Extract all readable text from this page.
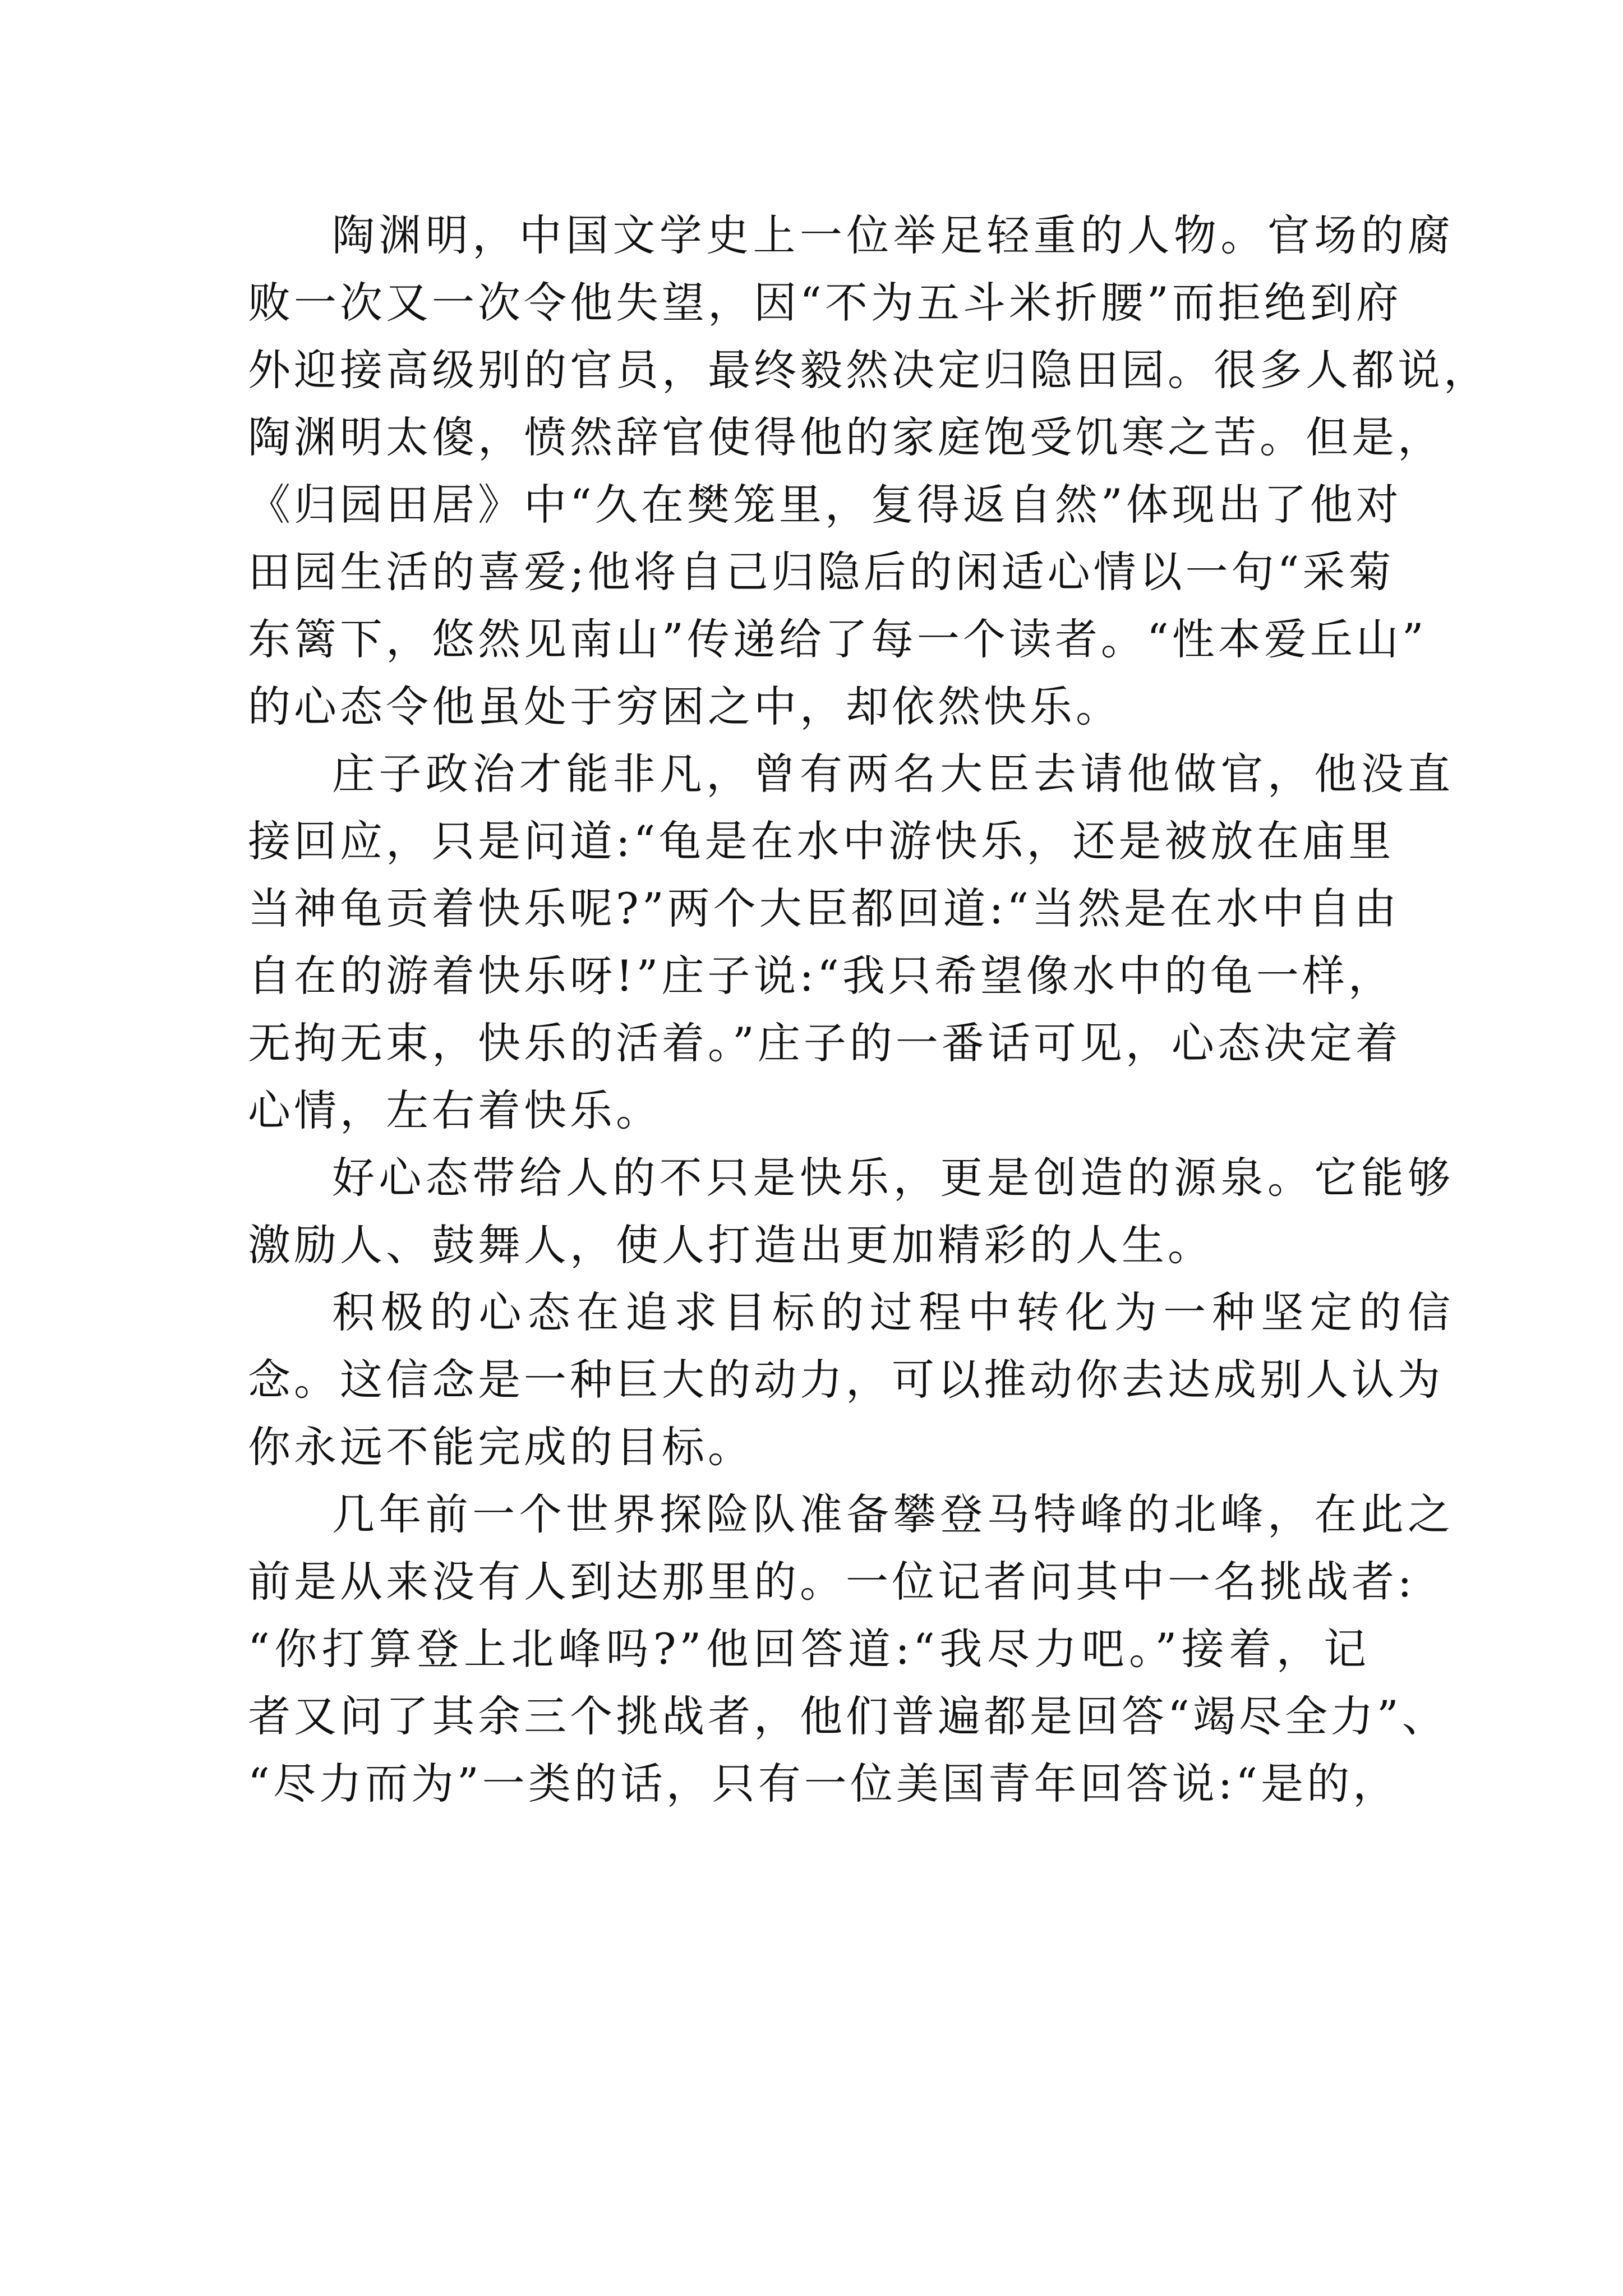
陶渊明，中国文学史上一位举足轻重的人物。官场的腐
败一次又一次令他失望，因“不为五斗米折腰”而拒绝到府
外迎接高级别的官员，最终毅然决定归隐田园。很多人都说，
陶渊明太傻，愤然辞官使得他的家庭饱受饥寒之苦。但是，
《归园田居》中“久在樊笼里，复得返自然”体现出了他对
田园生活的喜爱;他将自己归隐后的闲适心情以一句“采菊
东篱下，悠然见南山”传递给了每一个读者。“性本爱丘山”
的心态令他虽处于穷困之中，却依然快乐。
庄子政治才能非凡，曾有两名大臣去请他做官，他没直
接回应，只是问道:“龟是在水中游快乐，还是被放在庙里
当神龟贡着快乐呢?”两个大臣都回道:“当然是在水中自由
自在的游着快乐呀!”庄子说:“我只希望像水中的龟一样，
无拘无束，快乐的活着。”庄子的一番话可见，心态决定着
心情，左右着快乐。
好心态带给人的不只是快乐，更是创造的源泉。它能够
激励人、鼓舞人，使人打造出更加精彩的人生。
积极的心态在追求目标的过程中转化为一种坚定的信
念。这信念是一种巨大的动力，可以推动你去达成别人认为
你永远不能完成的目标。
几年前一个世界探险队准备攀登马特峰的北峰，在此之
前是从来没有人到达那里的。一位记者问其中一名挑战者:
“你打算登上北峰吗?”他回答道:“我尽力吧。”接着，记
者又问了其余三个挑战者，他们普遍都是回答“竭尽全力”、
“尽力而为”一类的话，只有一位美国青年回答说:“是的，
